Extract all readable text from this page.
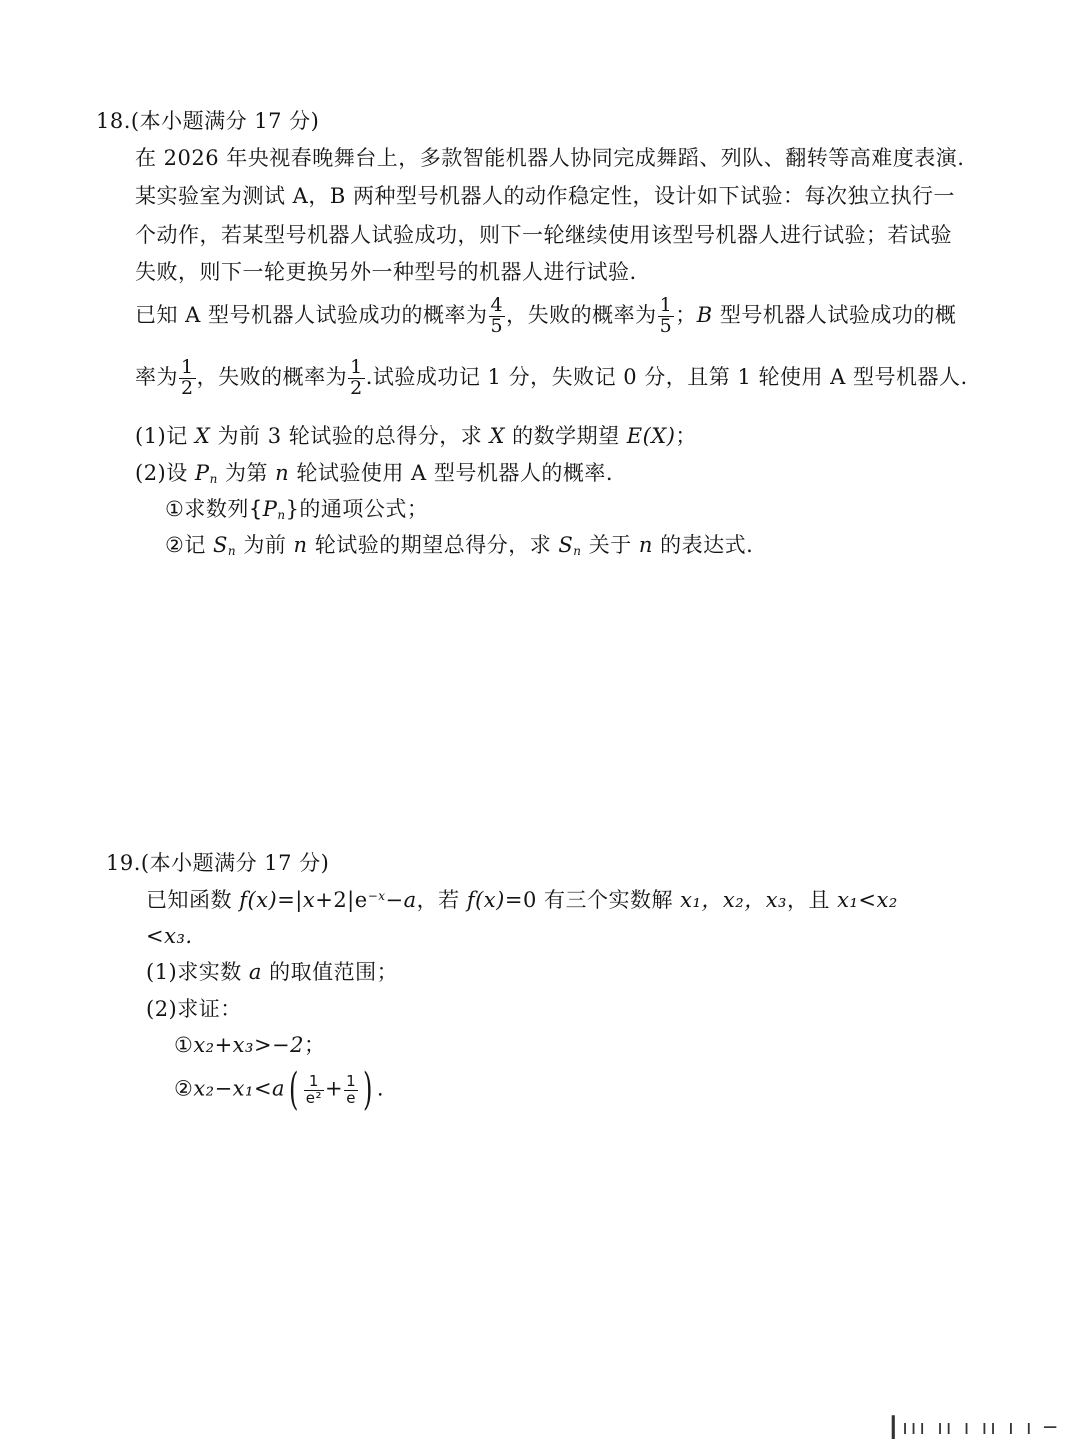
18.(本小题满分 17 分)
在 2026 年央视春晚舞台上，多款智能机器人协同完成舞蹈、列队、翻转等高难度表演.
某实验室为测试 A，B 两种型号机器人的动作稳定性，设计如下试验：每次独立执行一
个动作，若某型号机器人试验成功，则下一轮继续使用该型号机器人进行试验；若试验
失败，则下一轮更换另外一种型号的机器人进行试验.
已知 A 型号机器人试验成功的概率为 $\frac{4}{5}$ ，失败的概率为 $\frac{1}{5}$ ；B 型号机器人试验成功的概
率为 $\frac{1}{2}$ ，失败的概率为 $\frac{1}{2}$ .试验成功记 1 分，失败记 0 分，且第 1 轮使用 A 型号机器人.
(1)记 X 为前 3 轮试验的总得分，求 X 的数学期望 E(X)；
(2)设 $P_n$ 为第 n 轮试验使用 A 型号机器人的概率.
①求数列$\{P_n\}$的通项公式；
②记 $S_n$ 为前 n 轮试验的期望总得分，求 $S_n$ 关于 n 的表达式.
19.(本小题满分 17 分)
已知函数 $f(x)=|x+2|e^{-x}-a$，若 f(x)=0 有三个实数解 x₁，x₂，x₃，且 x₁<x₂
<x₃.
(1)求实数 a 的取值范围；
(2)求证：
①x₂+x₃>−2；
②x₂−x₁<a( $\frac{1}{\text{e²}} + \frac{1}{e}$ ) .
┃ııı ıı ı ıı ı ı ─
